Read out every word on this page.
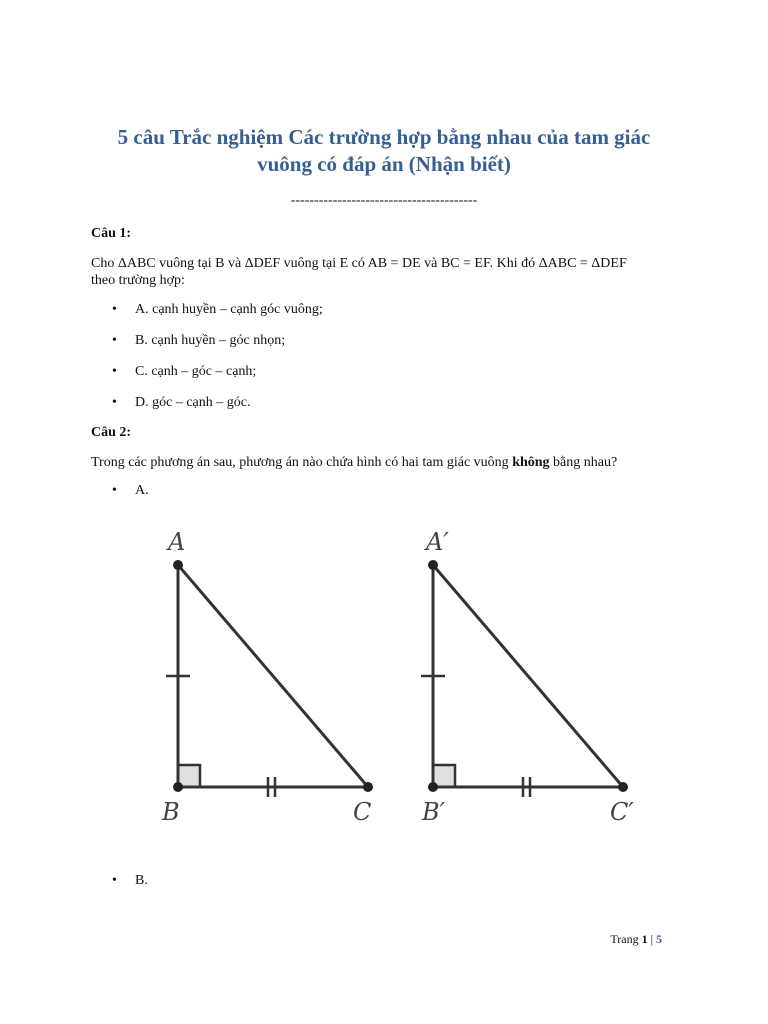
5 câu Trắc nghiệm Các trường hợp bằng nhau của tam giác
vuông có đáp án (Nhận biết)
----------------------------------------
Câu 1:
Cho ΔABC vuông tại B và ΔDEF vuông tại E có AB = DE và BC = EF. Khi đó ΔABC = ΔDEF
theo trường hợp:
• A. cạnh huyền – cạnh góc vuông;
• B. cạnh huyền – góc nhọn;
• C. cạnh – góc – cạnh;
• D. góc – cạnh – góc.
Câu 2:
Trong các phương án sau, phương án nào chứa hình có hai tam giác vuông không bằng nhau?
• A.
A
B	C
A′
B′	C′
• B.
Trang 1 | 5
